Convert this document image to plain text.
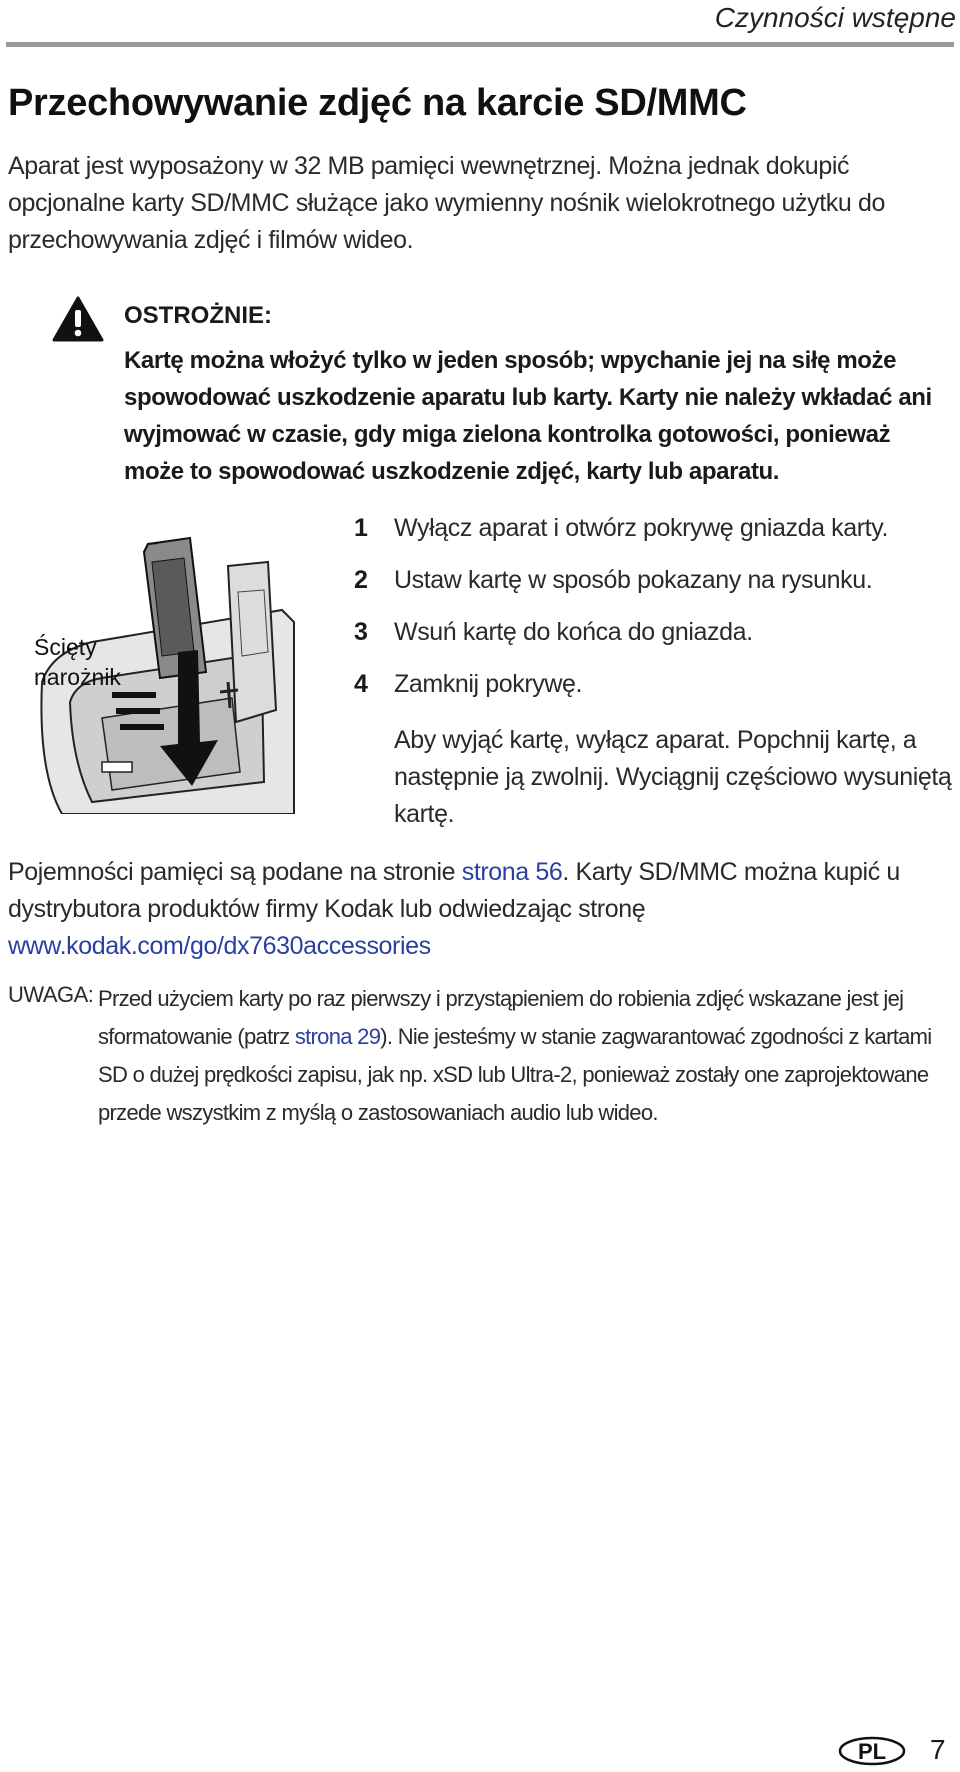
Czynności wstępne
Przechowywanie zdjęć na karcie SD/MMC
Aparat jest wyposażony w 32 MB pamięci wewnętrznej. Można jednak dokupić opcjonalne karty SD/MMC służące jako wymienny nośnik wielokrotnego użytku do przechowywania zdjęć i filmów wideo.
OSTROŻNIE:
Kartę można włożyć tylko w jeden sposób; wpychanie jej na siłę może spowodować uszkodzenie aparatu lub karty. Karty nie należy wkładać ani wyjmować w czasie, gdy miga zielona kontrolka gotowości, ponieważ może to spowodować uszkodzenie zdjęć, karty lub aparatu.
Ścięty
narożnik
1 Wyłącz aparat i otwórz pokrywę gniazda karty.
2 Ustaw kartę w sposób pokazany na rysunku.
3 Wsuń kartę do końca do gniazda.
4 Zamknij pokrywę.
Aby wyjąć kartę, wyłącz aparat. Popchnij kartę, a następnie ją zwolnij. Wyciągnij częściowo wysuniętą kartę.
Pojemności pamięci są podane na stronie strona 56. Karty SD/MMC można kupić u dystrybutora produktów firmy Kodak lub odwiedzając stronę www.kodak.com/go/dx7630accessories
UWAGA: Przed użyciem karty po raz pierwszy i przystąpieniem do robienia zdjęć wskazane jest jej sformatowanie (patrz strona 29). Nie jesteśmy w stanie zagwarantować zgodności z kartami SD o dużej prędkości zapisu, jak np. xSD lub Ultra-2, ponieważ zostały one zaprojektowane przede wszystkim z myślą o zastosowaniach audio lub wideo.
PL 7
